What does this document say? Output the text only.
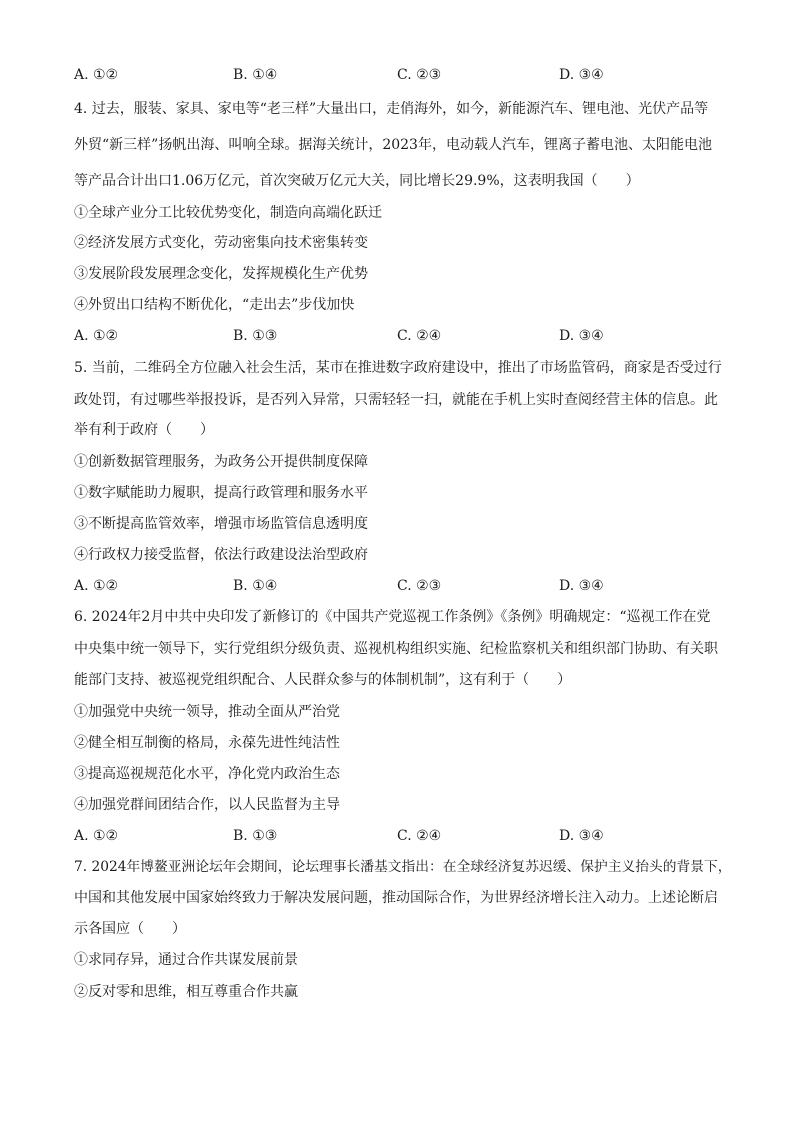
A. ①②	B. ①④	C. ②③	D. ③④
4. 过去，服装、家具、家电等“老三样”大量出口，走俏海外，如今，新能源汽车、锂电池、光伏产品等
外贸“新三样”扬帆出海、叫响全球。据海关统计，2023年，电动载人汽车，锂离子蓄电池、太阳能电池
等产品合计出口1.06万亿元，首次突破万亿元大关，同比增长29.9%，这表明我国（　　）
①全球产业分工比较优势变化，制造向高端化跃迁
②经济发展方式变化，劳动密集向技术密集转变
③发展阶段发展理念变化，发挥规模化生产优势
④外贸出口结构不断优化，“走出去”步伐加快
A. ①②	B. ①③	C. ②④	D. ③④
5. 当前，二维码全方位融入社会生活，某市在推进数字政府建设中，推出了市场监管码，商家是否受过行
政处罚，有过哪些举报投诉，是否列入异常，只需轻轻一扫，就能在手机上实时查阅经营主体的信息。此
举有利于政府（　　）
①创新数据管理服务，为政务公开提供制度保障
①数字赋能助力履职，提高行政管理和服务水平
③不断提高监管效率，增强市场监管信息透明度
④行政权力接受监督，依法行政建设法治型政府
A. ①②	B. ①④	C. ②③	D. ③④
6. 2024年2月中共中央印发了新修订的《中国共产党巡视工作条例》《条例》明确规定：“巡视工作在党
中央集中统一领导下，实行党组织分级负责、巡视机构组织实施、纪检监察机关和组织部门协助、有关职
能部门支持、被巡视党组织配合、人民群众参与的体制机制”，这有利于（　　）
①加强党中央统一领导，推动全面从严治党
②健全相互制衡的格局，永葆先进性纯洁性
③提高巡视规范化水平，净化党内政治生态
④加强党群间团结合作，以人民监督为主导
A. ①②	B. ①③	C. ②④	D. ③④
7. 2024年博鳌亚洲论坛年会期间，论坛理事长潘基文指出：在全球经济复苏迟缓、保护主义抬头的背景下，
中国和其他发展中国家始终致力于解决发展问题，推动国际合作，为世界经济增长注入动力。上述论断启
示各国应（　　）
①求同存异，通过合作共谋发展前景
②反对零和思维，相互尊重合作共赢
